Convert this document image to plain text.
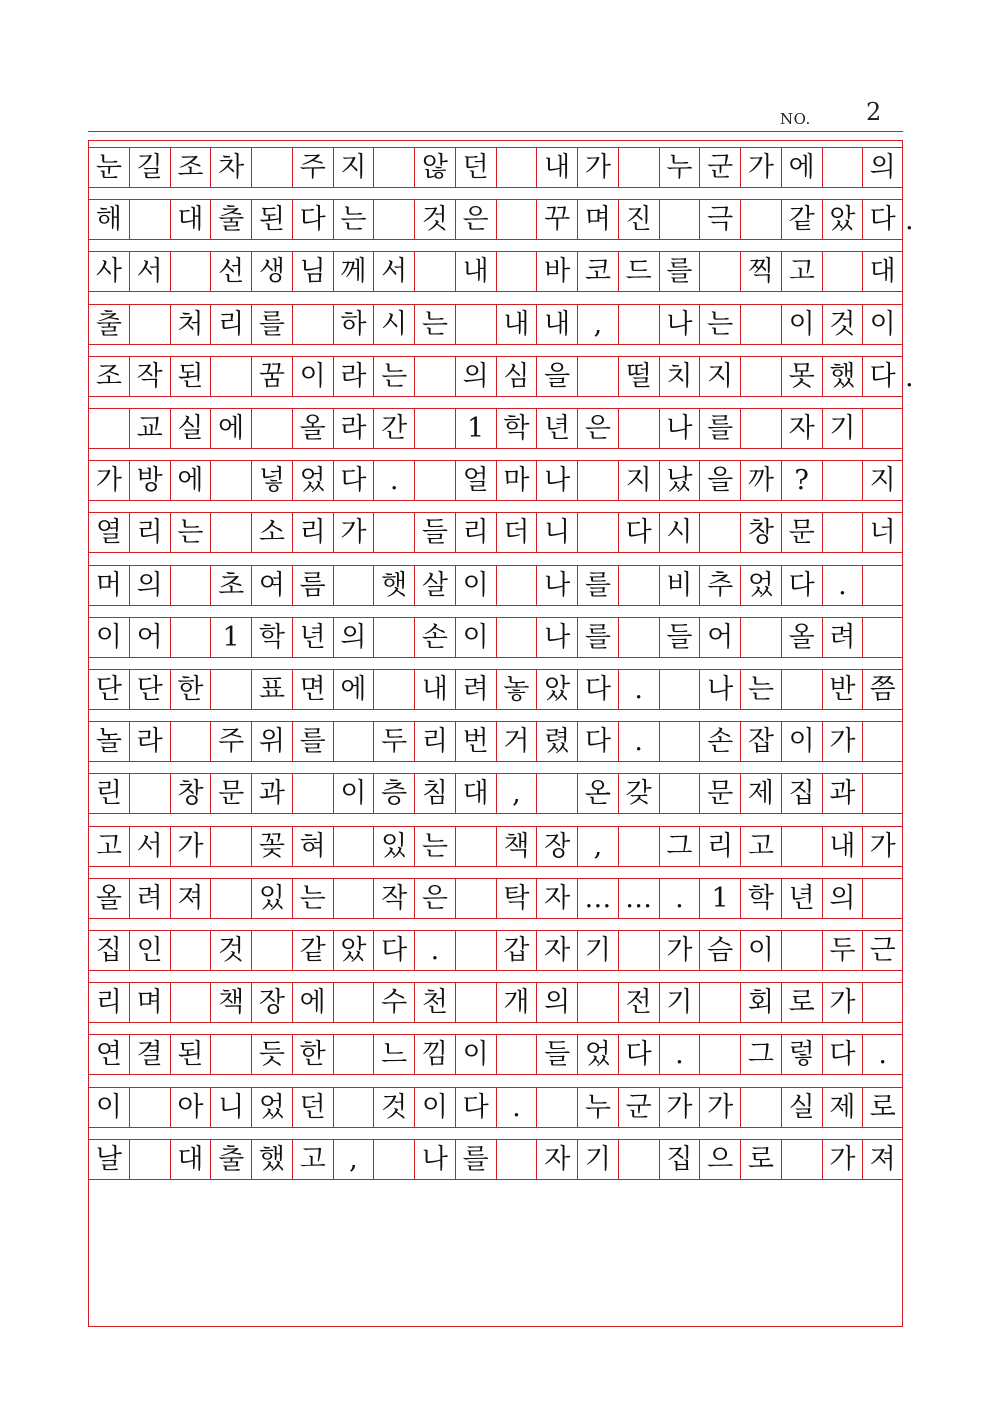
NO. 2
눈 길 조 차 주 지 않 던 내 가 누 군 가 에 의
해 대 출 된 다 는 것 은 꾸 며 진 극 같 았 다 .
사 서 선 생 님 께 서 내 바 코 드 를 찍 고 대
출 처 리 를 하 시 는 내 내 ,	나 는 이 것 이
조 작 된 꿈 이 라 는 의 심 을 떨 치 지 못 했 다 .
교 실 에 올 라 간	1 학 년 은 나 를 자 기
가 방 에 넣 었 다 .	얼 마 나 지 났 을 까 ?	지
열 리 는 소 리 가 들 리 더 니 다 시 창 문 너
머 의 초 여 름 햇 살 이 나 를 비 추 었 다 .
이 어	1 학 년 의 손 이 나 를 들 어 올 려
단 단 한 표 면 에 내 려 놓 았 다 .	나 는 반 쯤
놀 라 주 위 를 두 리 번 거 렸 다 .	손 잡 이 가
린 창 문 과 이 층 침 대 ,	온 갖 문 제 집 과
고 서 가 꽂 혀 있 는 책 장 ,	그 리 고 내 가
올 려 져 있 는 작 은 탁 자 … … .	1 학 년 의
집 인 것 같 았 다 .	갑 자 기 가 슴 이 두 근
리 며 책 장 에 수 천 개 의 전 기 회 로 가
연 결 된 듯 한 느 낌 이 들 었 다 .	그 렇 다 .
이 아 니 었 던 것 이 다 .	누 군 가 가 실 제 로
날 대 출 했 고 ,	나 를 자 기 집 으 로 가 져
